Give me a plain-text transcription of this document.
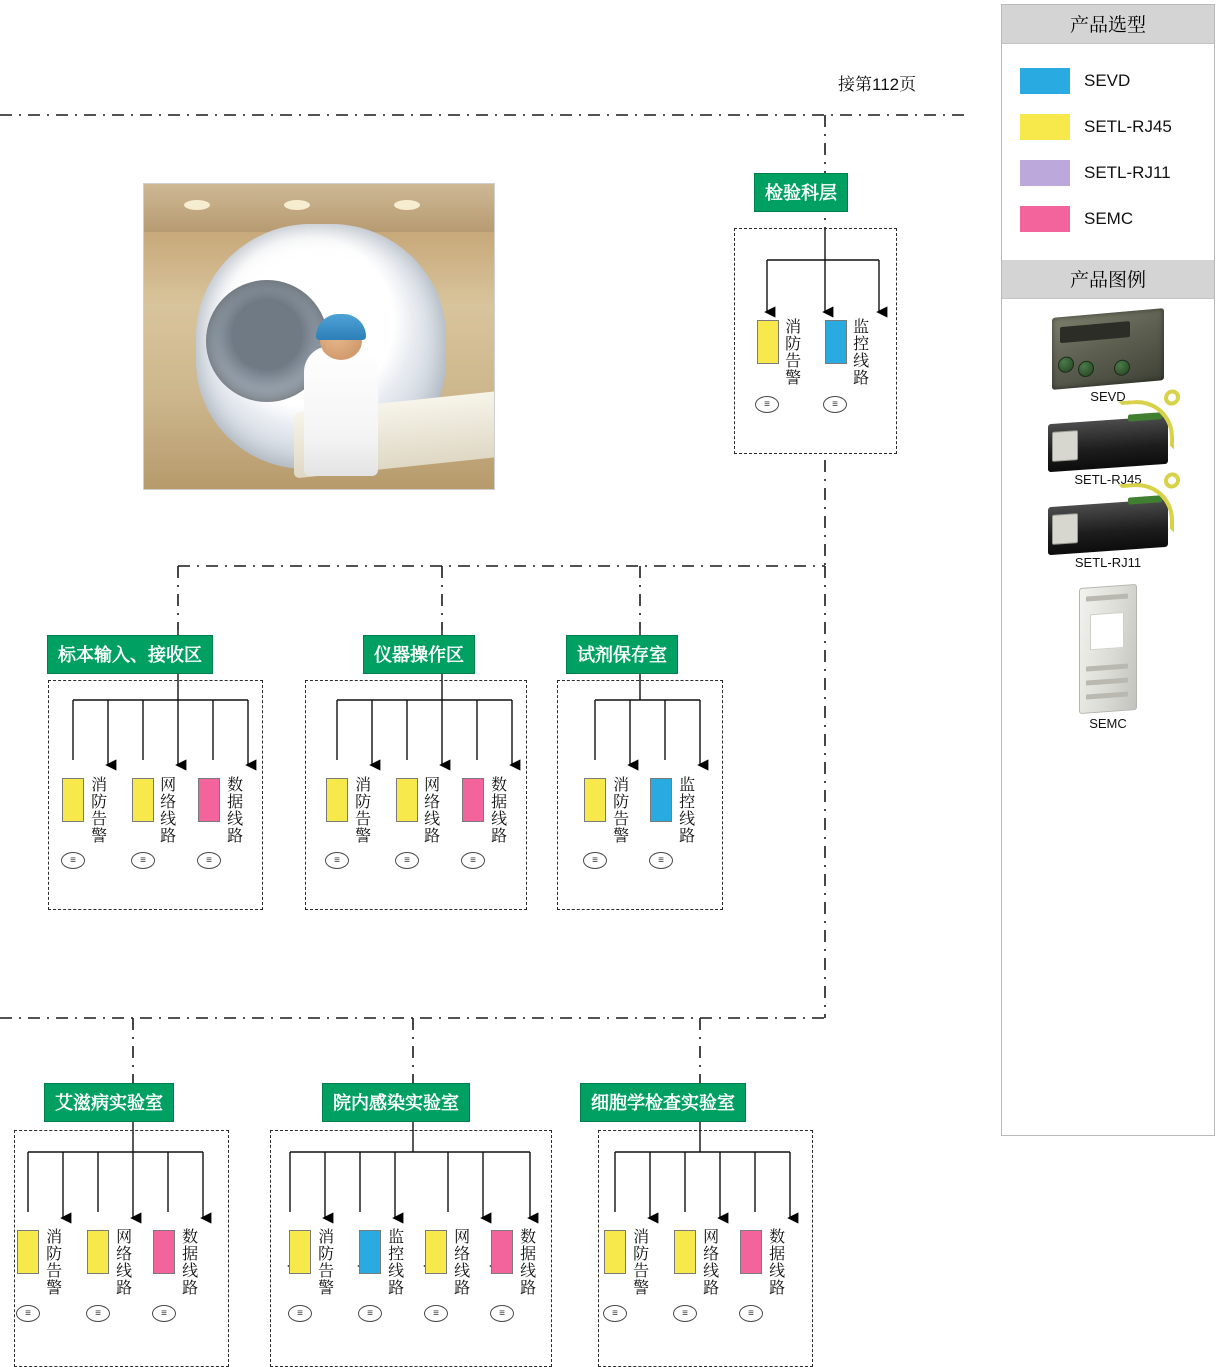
接第112页
检验科层
消防告警
≡
监控线路
≡
标本输入、接收区
消防告警
≡
网络线路
≡
数据线路
≡
仪器操作区
消防告警
≡
网络线路
≡
数据线路
≡
试剂保存室
消防告警
≡
监控线路
≡
艾滋病实验室
消防告警
≡
网络线路
≡
数据线路
≡
院内感染实验室
消防告警
≡
监控线路
≡
网络线路
≡
数据线路
≡
细胞学检查实验室
消防告警
≡
网络线路
≡
数据线路
≡
产品选型
SEVD
SETL-RJ45
SETL-RJ11
SEMC
产品图例
SEVD
SETL-RJ45
SETL-RJ11
SEMC
